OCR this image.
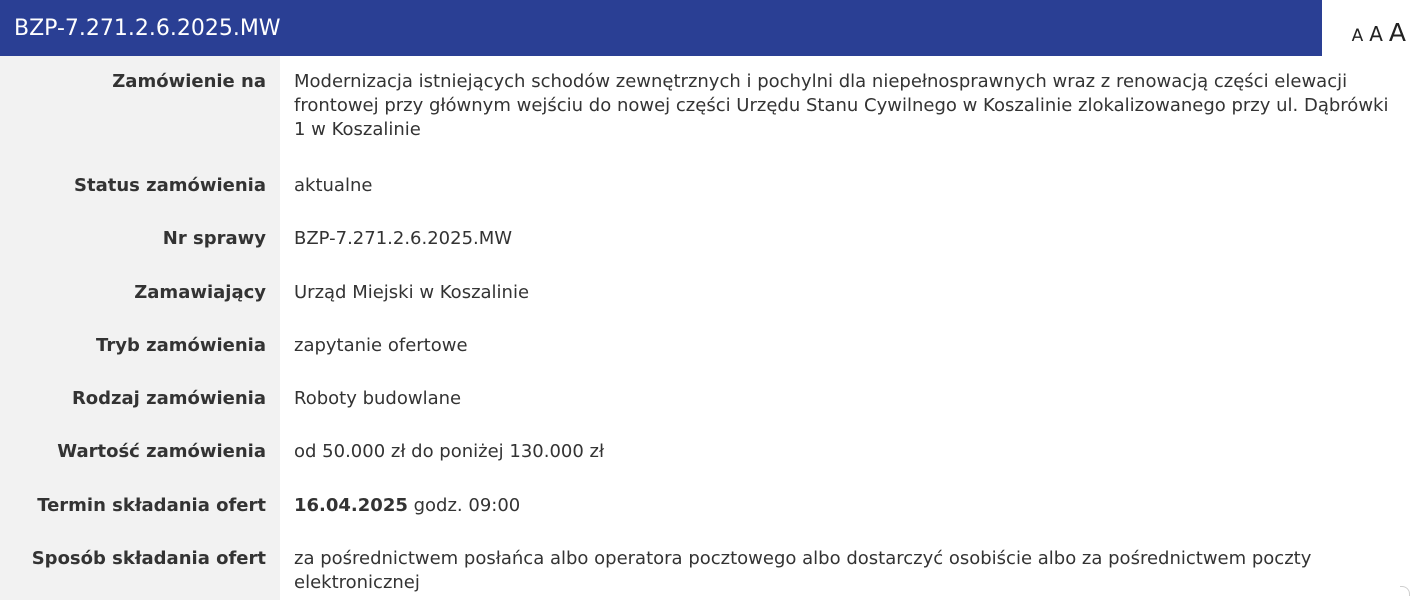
BZP-7.271.2.6.2025.MW	A A A
Zamówienie na	Modernizacja istniejących schodów zewnętrznych i pochylni dla niepełnosprawnych wraz z renowacją części elewacji frontowej przy głównym wejściu do nowej części Urzędu Stanu Cywilnego w Koszalinie zlokalizowanego przy ul. Dąbrówki 1 w Koszalinie
Status zamówienia	aktualne
Nr sprawy	BZP-7.271.2.6.2025.MW
Zamawiający	Urząd Miejski w Koszalinie
Tryb zamówienia	zapytanie ofertowe
Rodzaj zamówienia	Roboty budowlane
Wartość zamówienia	od 50.000 zł do poniżej 130.000 zł
Termin składania ofert	16.04.2025 godz. 09:00
Sposób składania ofert	za pośrednictwem posłańca albo operatora pocztowego albo dostarczyć osobiście albo za pośrednictwem poczty elektronicznej
